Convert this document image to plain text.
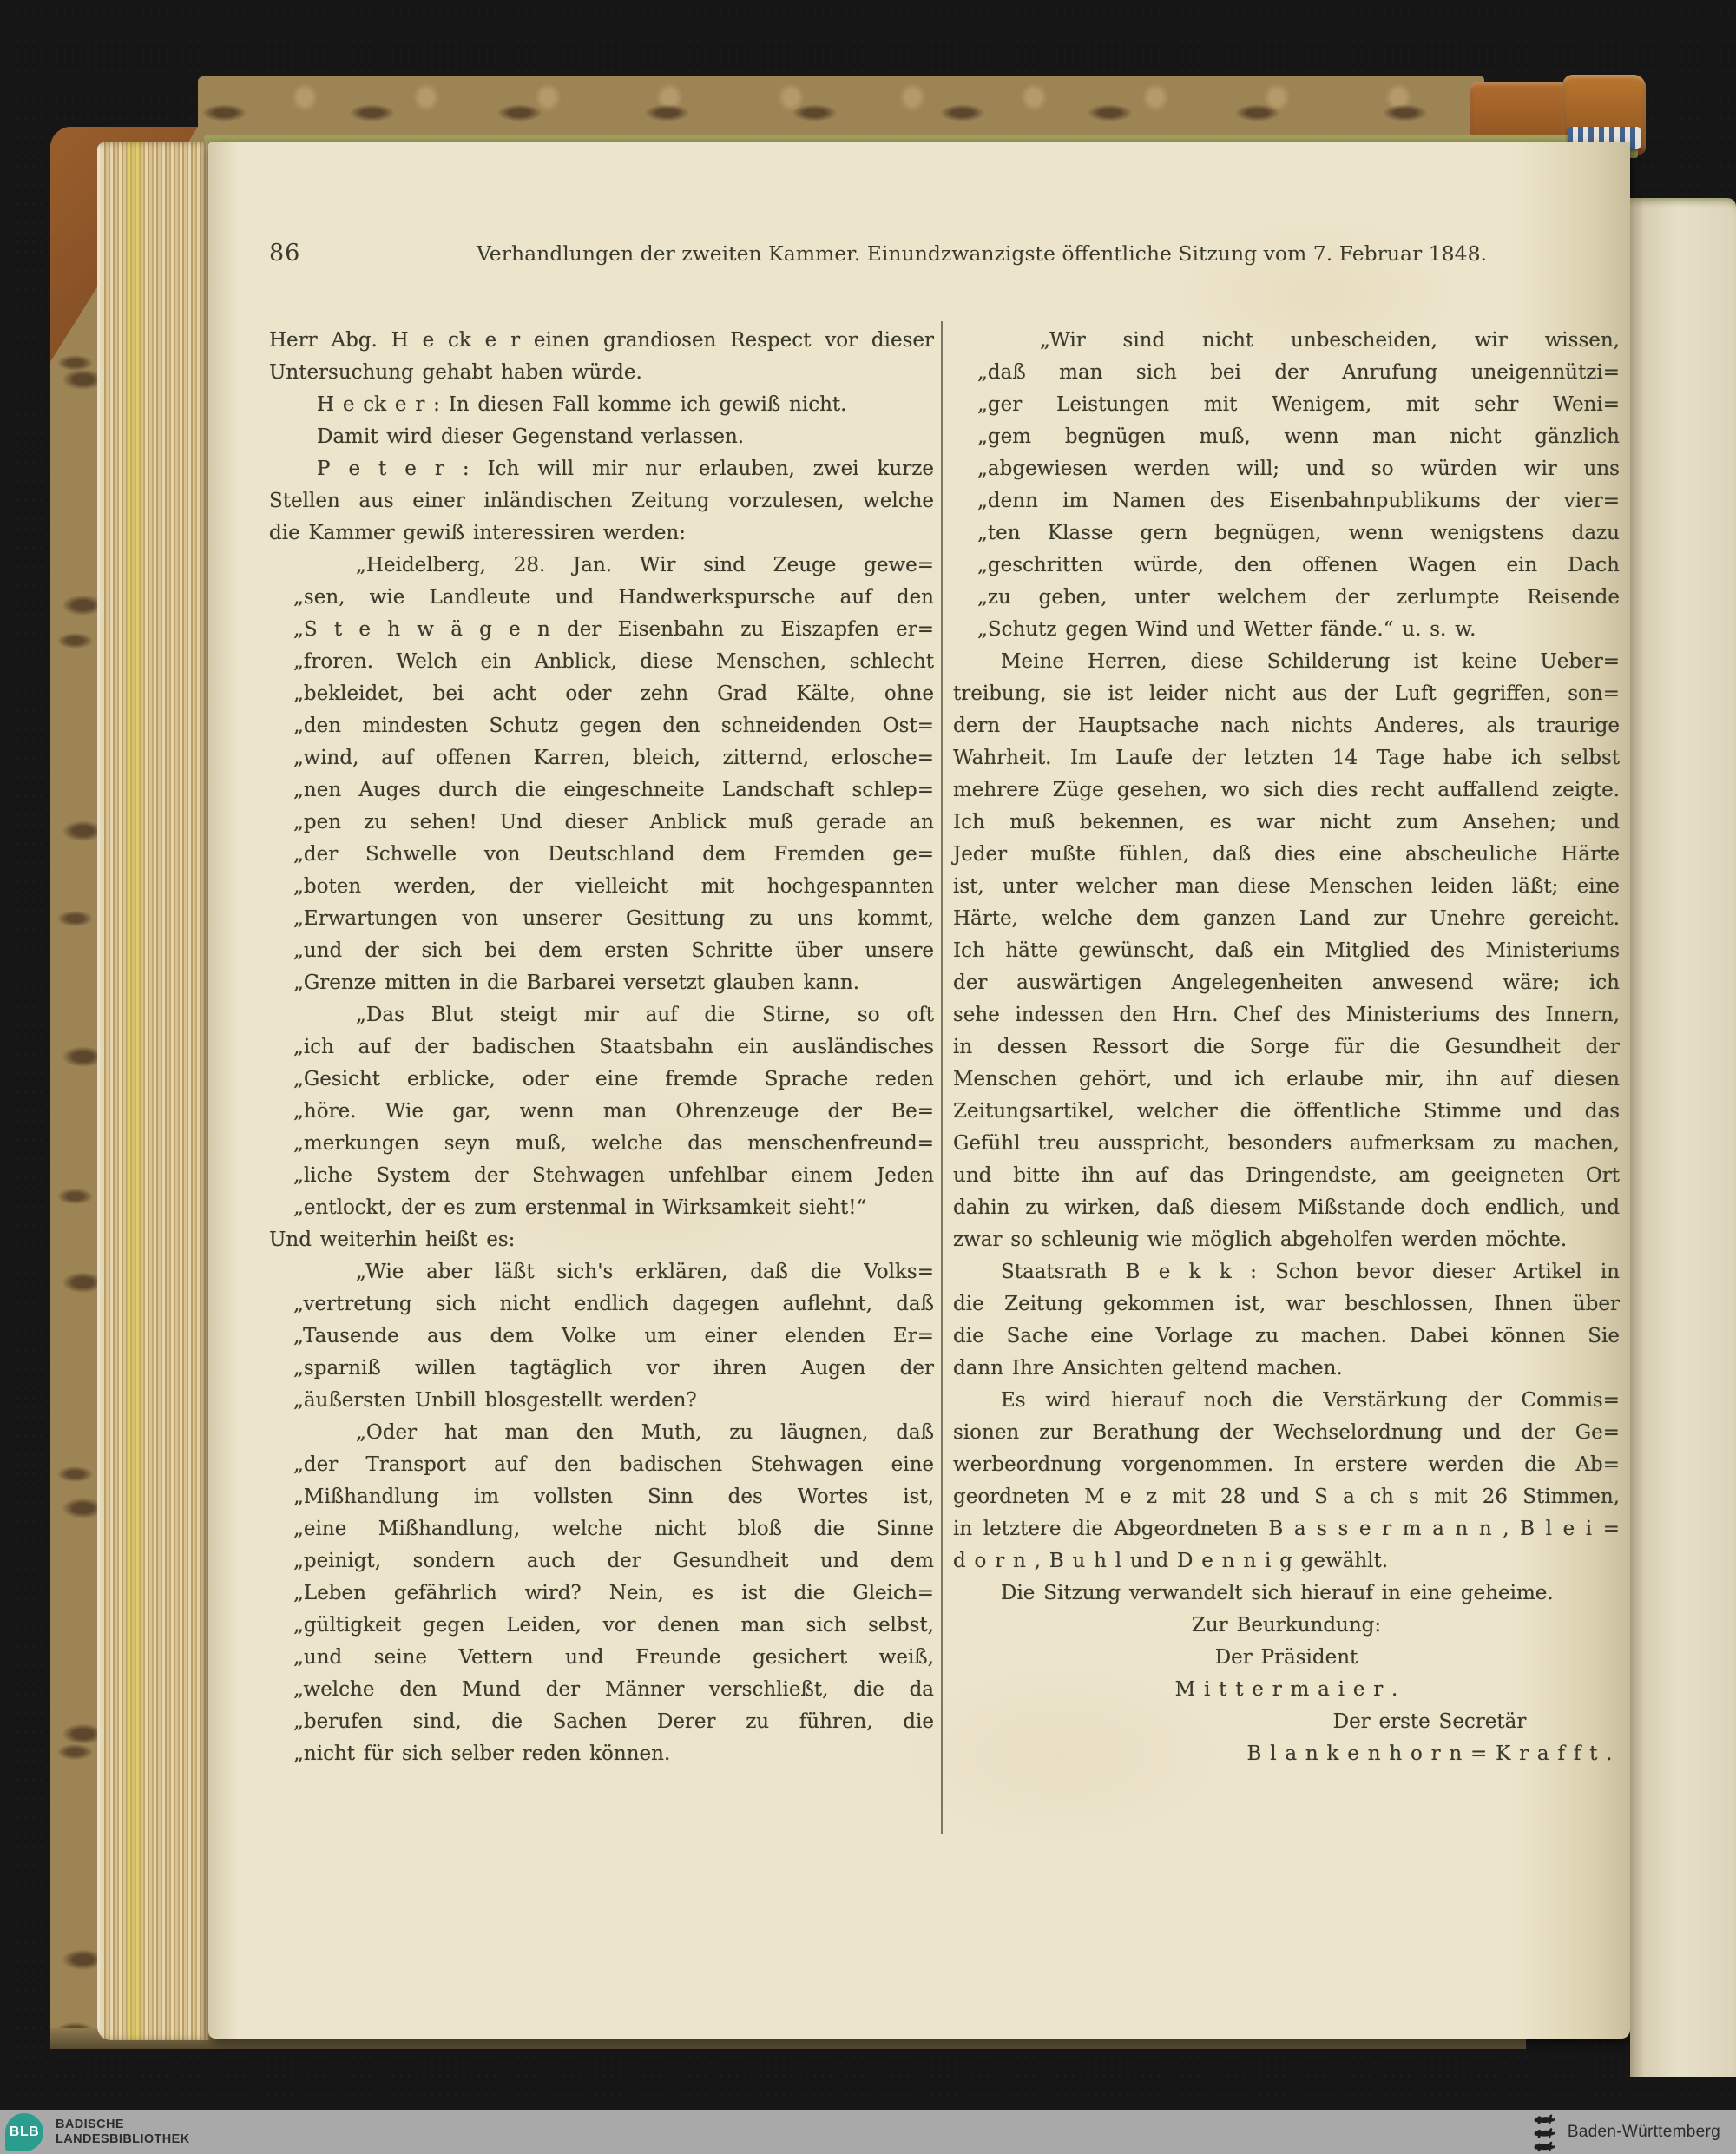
86	Verhandlungen der zweiten Kammer. Einundzwanzigste öffentliche Sitzung vom 7. Februar 1848.
Herr Abg. H e ck e r einen grandiosen Respect vor dieser
Untersuchung gehabt haben würde.
H e ck e r : In diesen Fall komme ich gewiß nicht.
Damit wird dieser Gegenstand verlassen.
P e t e r : Ich will mir nur erlauben, zwei kurze
Stellen aus einer inländischen Zeitung vorzulesen, welche
die Kammer gewiß interessiren werden:
„Heidelberg, 28. Jan. Wir sind Zeuge gewe=
„sen, wie Landleute und Handwerkspursche auf den
„S t e h w ä g e n der Eisenbahn zu Eiszapfen er=
„froren. Welch ein Anblick, diese Menschen, schlecht
„bekleidet, bei acht oder zehn Grad Kälte, ohne
„den mindesten Schutz gegen den schneidenden Ost=
„wind, auf offenen Karren, bleich, zitternd, erlosche=
„nen Auges durch die eingeschneite Landschaft schlep=
„pen zu sehen! Und dieser Anblick muß gerade an
„der Schwelle von Deutschland dem Fremden ge=
„boten werden, der vielleicht mit hochgespannten
„Erwartungen von unserer Gesittung zu uns kommt,
„und der sich bei dem ersten Schritte über unsere
„Grenze mitten in die Barbarei versetzt glauben kann.
„Das Blut steigt mir auf die Stirne, so oft
„ich auf der badischen Staatsbahn ein ausländisches
„Gesicht erblicke, oder eine fremde Sprache reden
„höre. Wie gar, wenn man Ohrenzeuge der Be=
„merkungen seyn muß, welche das menschenfreund=
„liche System der Stehwagen unfehlbar einem Jeden
„entlockt, der es zum erstenmal in Wirksamkeit sieht!“
Und weiterhin heißt es:
„Wie aber läßt sich's erklären, daß die Volks=
„vertretung sich nicht endlich dagegen auflehnt, daß
„Tausende aus dem Volke um einer elenden Er=
„sparniß willen tagtäglich vor ihren Augen der
„äußersten Unbill blosgestellt werden?
„Oder hat man den Muth, zu läugnen, daß
„der Transport auf den badischen Stehwagen eine
„Mißhandlung im vollsten Sinn des Wortes ist,
„eine Mißhandlung, welche nicht bloß die Sinne
„peinigt, sondern auch der Gesundheit und dem
„Leben gefährlich wird? Nein, es ist die Gleich=
„gültigkeit gegen Leiden, vor denen man sich selbst,
„und seine Vettern und Freunde gesichert weiß,
„welche den Mund der Männer verschließt, die da
„berufen sind, die Sachen Derer zu führen, die
„nicht für sich selber reden können.
„Wir sind nicht unbescheiden, wir wissen,
„daß man sich bei der Anrufung uneigennützi=
„ger Leistungen mit Wenigem, mit sehr Weni=
„gem begnügen muß, wenn man nicht gänzlich
„abgewiesen werden will; und so würden wir uns
„denn im Namen des Eisenbahnpublikums der vier=
„ten Klasse gern begnügen, wenn wenigstens dazu
„geschritten würde, den offenen Wagen ein Dach
„zu geben, unter welchem der zerlumpte Reisende
„Schutz gegen Wind und Wetter fände.“ u. s. w.
Meine Herren, diese Schilderung ist keine Ueber=
treibung, sie ist leider nicht aus der Luft gegriffen, son=
dern der Hauptsache nach nichts Anderes, als traurige
Wahrheit. Im Laufe der letzten 14 Tage habe ich selbst
mehrere Züge gesehen, wo sich dies recht auffallend zeigte.
Ich muß bekennen, es war nicht zum Ansehen; und
Jeder mußte fühlen, daß dies eine abscheuliche Härte
ist, unter welcher man diese Menschen leiden läßt; eine
Härte, welche dem ganzen Land zur Unehre gereicht.
Ich hätte gewünscht, daß ein Mitglied des Ministeriums
der auswärtigen Angelegenheiten anwesend wäre; ich
sehe indessen den Hrn. Chef des Ministeriums des Innern,
in dessen Ressort die Sorge für die Gesundheit der
Menschen gehört, und ich erlaube mir, ihn auf diesen
Zeitungsartikel, welcher die öffentliche Stimme und das
Gefühl treu ausspricht, besonders aufmerksam zu machen,
und bitte ihn auf das Dringendste, am geeigneten Ort
dahin zu wirken, daß diesem Mißstande doch endlich, und
zwar so schleunig wie möglich abgeholfen werden möchte.
Staatsrath B e k k : Schon bevor dieser Artikel in
die Zeitung gekommen ist, war beschlossen, Ihnen über
die Sache eine Vorlage zu machen. Dabei können Sie
dann Ihre Ansichten geltend machen.
Es wird hierauf noch die Verstärkung der Commis=
sionen zur Berathung der Wechselordnung und der Ge=
werbeordnung vorgenommen. In erstere werden die Ab=
geordneten M e z mit 28 und S a ch s mit 26 Stimmen,
in letztere die Abgeordneten B a s s e r m a n n , B l e i =
d o r n , B u h l und D e n n i g gewählt.
Die Sitzung verwandelt sich hierauf in eine geheime.
Zur Beurkundung:
Der Präsident
M i t t e r m a i e r .
Der erste Secretär
B l a n k e n h o r n = K r a f f t .
BLB BADISCHE
LANDESBIBLIOTHEK	Baden-Württemberg
